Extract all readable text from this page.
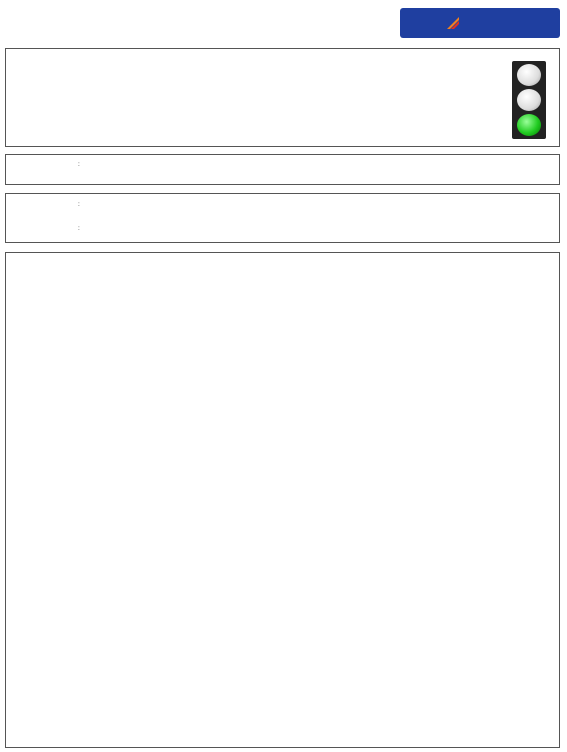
:
:
:
